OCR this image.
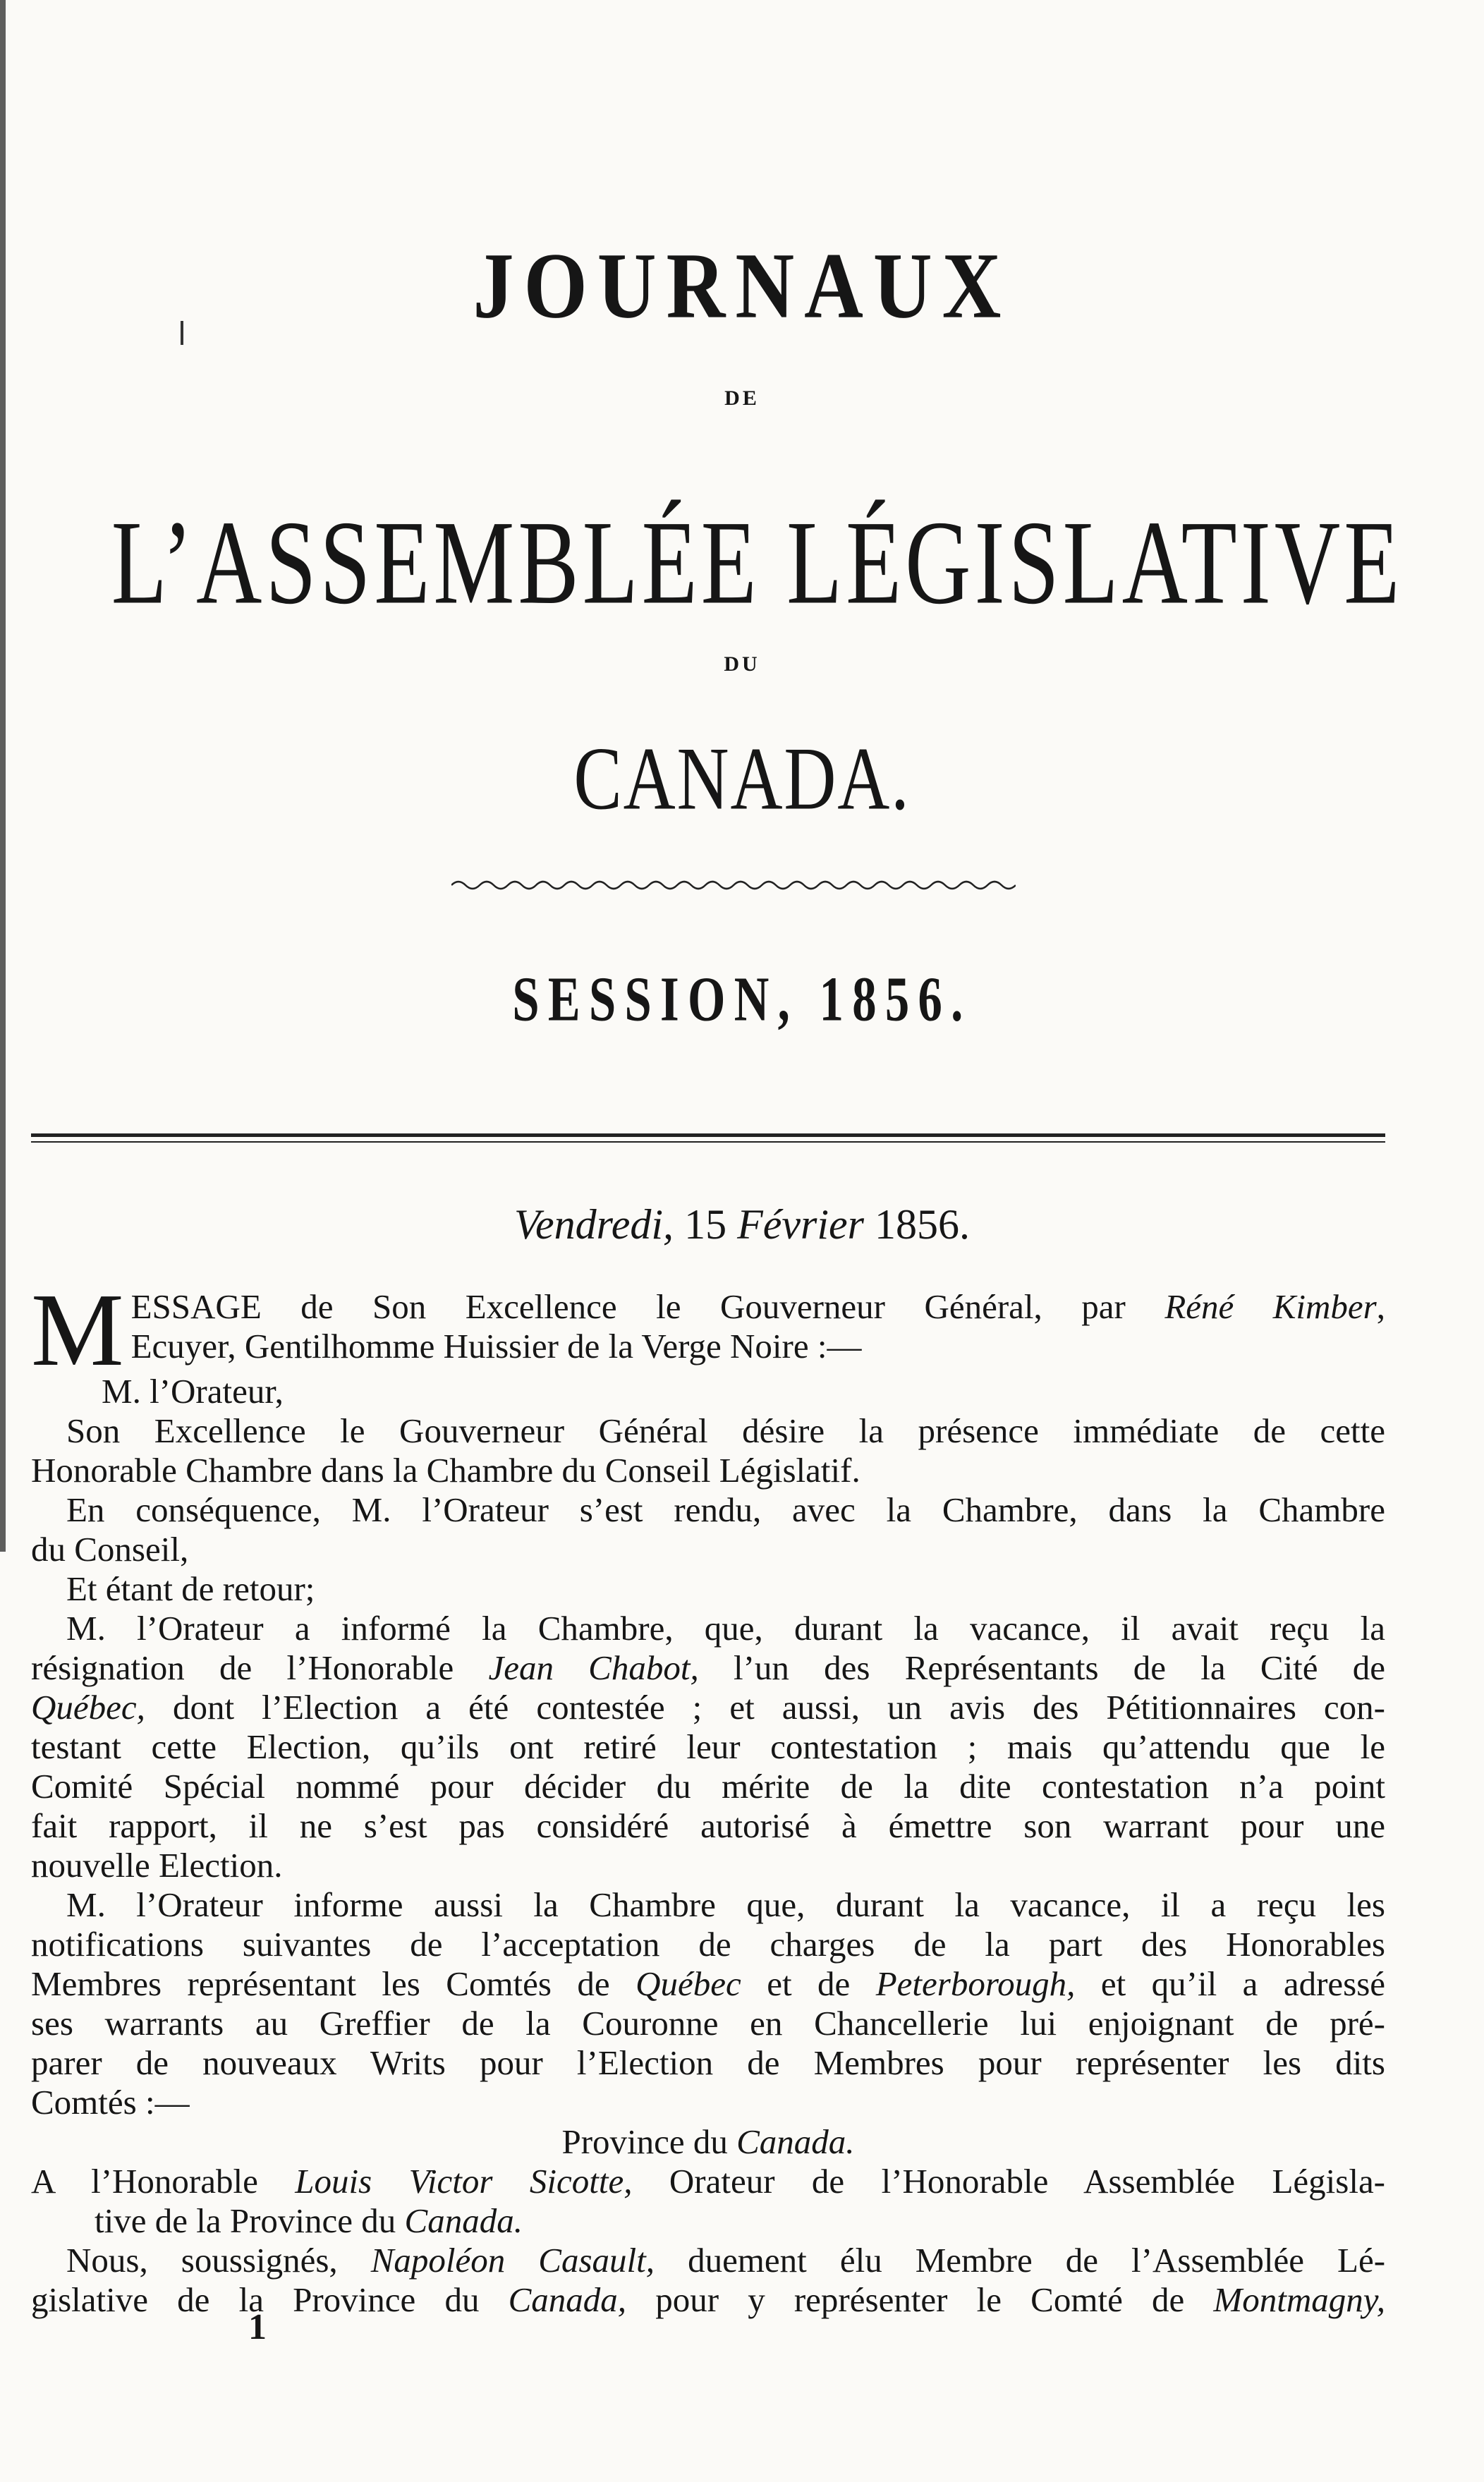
JOURNAUX
DE
L’ASSEMBLÉE LÉGISLATIVE
DU
CANADA.
SESSION, 1856.
Vendredi, 15 Février 1856.
M ESSAGE de Son Excellence le Gouverneur Général, par Réné Kimber,
Ecuyer, Gentilhomme Huissier de la Verge Noire :—
M. l’Orateur,
Son Excellence le Gouverneur Général désire la présence immédiate de cette
Honorable Chambre dans la Chambre du Conseil Législatif.
En conséquence, M. l’Orateur s’est rendu, avec la Chambre, dans la Chambre
du Conseil,
Et étant de retour;
M. l’Orateur a informé la Chambre, que, durant la vacance, il avait reçu la
résignation de l’Honorable Jean Chabot, l’un des Représentants de la Cité de
Québec, dont l’Election a été contestée ; et aussi, un avis des Pétitionnaires con-
testant cette Election, qu’ils ont retiré leur contestation ; mais qu’attendu que le
Comité Spécial nommé pour décider du mérite de la dite contestation n’a point
fait rapport, il ne s’est pas considéré autorisé à émettre son warrant pour une
nouvelle Election.
M. l’Orateur informe aussi la Chambre que, durant la vacance, il a reçu les
notifications suivantes de l’acceptation de charges de la part des Honorables
Membres représentant les Comtés de Québec et de Peterborough, et qu’il a adressé
ses warrants au Greffier de la Couronne en Chancellerie lui enjoignant de pré-
parer de nouveaux Writs pour l’Election de Membres pour représenter les dits
Comtés :—
Province du Canada.
A l’Honorable Louis Victor Sicotte, Orateur de l’Honorable Assemblée Législa-
tive de la Province du Canada.
Nous, soussignés, Napoléon Casault, duement élu Membre de l’Assemblée Lé-
gislative de la Province du Canada, pour y représenter le Comté de Montmagny,
1
